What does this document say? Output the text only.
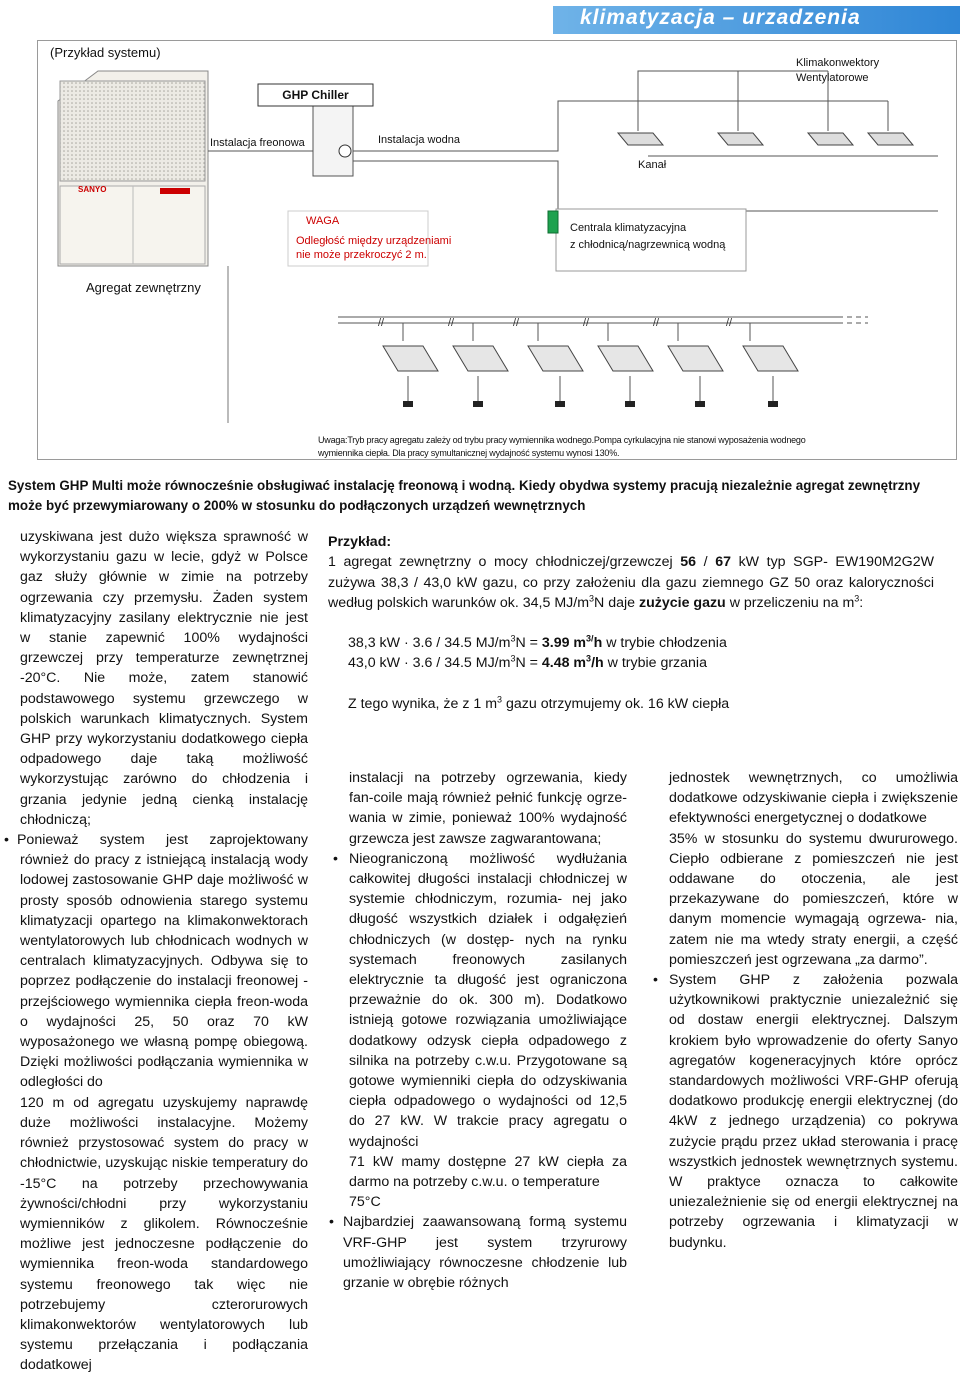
klimatyzacja – urzadzenia
//	//	//	//	//	//
(Przykład systemu)
GHP Chiller
Klimakonwektory
Wentylatorowe
Instalacja freonowa	Instalacja wodna
Kanał
SANYO
WAGA
Odległość między urządzeniami
nie może przekroczyć 2 m.
Centrala klimatyzacyjna
z chłodnicą/nagrzewnicą wodną
Agregat zewnętrzny
Uwaga:Tryb pracy agregatu zależy od trybu pracy wymiennika wodnego.Pompa cyrkulacyjna nie stanowi wyposażenia wodnego
wymiennika ciepła. Dla pracy symultanicznej wydajność systemu wynosi 130%.
System GHP Multi może równocześnie obsługiwać instalację freonową i wodną. Kiedy obydwa systemy pracują niezależnie agregat zewnętrzny może być przewymiarowany o 200% w stosunku do podłączonych urządzeń wewnętrznych

uzyskiwana jest dużo większa sprawność w wykorzystaniu gazu w lecie, gdyż w Polsce gaz służy głównie w zimie na potrzeby ogrzewania czy przemysłu. Żaden system klimatyzacyjny zasilany elektrycznie nie jest w stanie zapewnić 100% wydajności grzewczej przy temperaturze zewnętrznej -20°C. Nie może, zatem stanowić podstawowego systemu grzewczego w polskich warunkach klimatycznych. System GHP przy wykorzystaniu dodatkowego ciepła odpadowego daje taką możliwość wykorzystując zarówno do chłodzenia i grzania jedynie jedną cienką instalację chłodniczą;

• Ponieważ system jest zaprojektowany również do pracy z istniejącą instalacją wody lodowej zastosowanie GHP daje możliwość w prosty sposób odnowienia starego systemu klimatyzacji opartego na klimakonwektorach wentylatorowych lub chłodnicach wodnych w centralach klimatyzacyjnych. Odbywa się to poprzez podłączenie do instalacji freonowej - przejściowego wymiennika ciepła freon-woda o wydajności 25, 50 oraz 70 kW wyposażonego we własną pompę obiegową. Dzięki możliwości podłączania wymiennika w odległości do

120 m od agregatu uzyskujemy naprawdę duże możliwości instalacyjne. Możemy również przystosować system do pracy w chłodnictwie, uzyskując niskie temperatury do -15°C na potrzeby przechowywania żywności/chłodni przy wykorzystaniu wymienników z glikolem. Równocześnie możliwe jest jednoczesne podłączenie do wymiennika freon-woda standardowego systemu freonowego tak więc nie potrzebujemy czterorurowych klimakonwektorów wentylatorowych lub systemu przełączania i podłączania dodatkowej

Przykład:
1 agregat zewnętrzny o mocy chłodniczej/grzewczej 56 / 67 kW typ SGP- EW190M2G2W zużywa 38,3 / 43,0 kW gazu, co przy założeniu dla gazu ziemnego GZ 50 oraz kaloryczności według polskich warunków ok. 34,5 $MJ/m^3N$ daje zużycie gazu w przeliczeniu na $m^3$:
38,3 kW · 3.6 / 34.5 $MJ/m^3N = 3.99$ $m^{3/}h$ w trybie chłodzenia
43,0 kW · 3.6 / 34.5 $MJ/m^3N = 4.48$ $m^3/h$ w trybie grzania
Z tego wynika, że z 1 $m^3$ gazu otrzymujemy ok. 16 kW ciepła
instalacji na potrzeby ogrzewania, kiedy fan-coile mają również pełnić funkcję ogrze- wania w zimie, ponieważ 100% wydajność grzewcza jest zawsze zagwarantowana;
• Nieograniczoną możliwość wydłużania całkowitej długości instalacji chłodniczej w systemie chłodniczym, rozumia- nej jako długość wszystkich działek i odgałęzień chłodniczych (w dostęp- nych na rynku systemach freonowych zasilanych elektrycznie ta długość jest ograniczona przeważnie do ok. 300 m). Dodatkowo istnieją gotowe rozwiązania umożliwiające dodatkowy odzysk ciepła odpadowego z silnika na potrzeby c.w.u. Przygotowane są gotowe wymienniki ciepła do odzyskiwania ciepła odpadowego o wydajności od 12,5 do 27 kW. W trakcie pracy agregatu o wydajności
71 kW mamy dostępne 27 kW ciepła za darmo na potrzeby c.w.u. o temperature
75°C
• Najbardziej zaawansowaną formą systemu VRF-GHP jest system trzyrurowy umożliwiający równoczesne chłodzenie lub grzanie w obrębie różnych
jednostek wewnętrznych, co umożliwia dodatkowe odzyskiwanie ciepła i zwiększenie efektywności energetycznej o dodatkowe
35% w stosunku do systemu dwururowego. Ciepło odbierane z pomieszczeń nie jest oddawane do otoczenia, ale jest przekazywane do pomieszczeń, które w danym momencie wymagają ogrzewa- nia, zatem nie ma wtedy straty energii, a część pomieszczeń jest ogrzewana „za darmo”.
• System GHP z założenia pozwala użytkownikowi praktycznie uniezależnić się od dostaw energii elektrycznej. Dalszym krokiem było wprowadzenie do oferty Sanyo agregatów kogeneracyjnych które oprócz standardowych możliwości VRF-GHP oferują dodatkowo produkcję energii elektrycznej (do 4kW z jednego urządzenia) co pokrywa zużycie prądu przez układ sterowania i pracę wszystkich jednostek wewnętrznych systemu. W praktyce oznacza to całkowite uniezależnienie się od energii elektrycznej na potrzeby ogrzewania i klimatyzacji w budynku.
